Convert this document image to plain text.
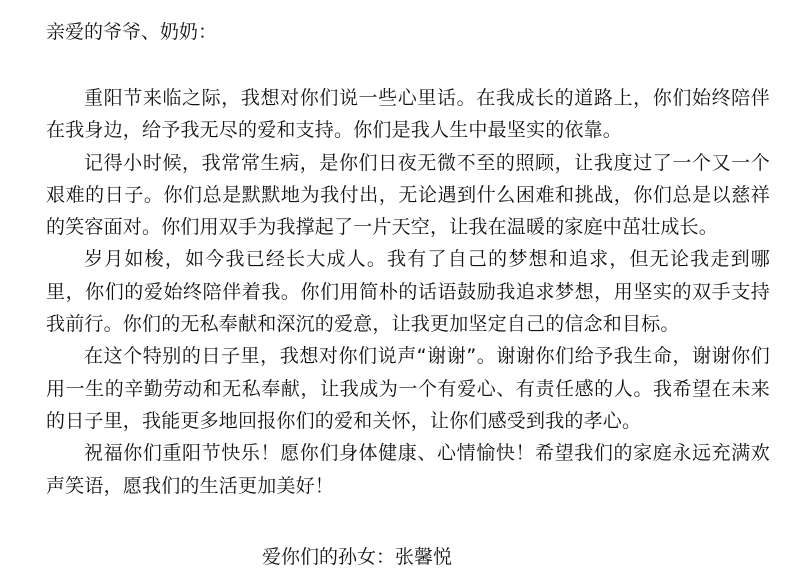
亲爱的爷爷、奶奶：

重阳节来临之际，我想对你们说一些心里话。在我成长的道路上，你们始终陪伴在我身边，给予我无尽的爱和支持。你们是我人生中最坚实的依靠。

记得小时候，我常常生病，是你们日夜无微不至的照顾，让我度过了一个又一个艰难的日子。你们总是默默地为我付出，无论遇到什么困难和挑战，你们总是以慈祥的笑容面对。你们用双手为我撑起了一片天空，让我在温暖的家庭中茁壮成长。

岁月如梭，如今我已经长大成人。我有了自己的梦想和追求，但无论我走到哪里，你们的爱始终陪伴着我。你们用简朴的话语鼓励我追求梦想，用坚实的双手支持我前行。你们的无私奉献和深沉的爱意，让我更加坚定自己的信念和目标。

在这个特别的日子里，我想对你们说声“谢谢”。谢谢你们给予我生命，谢谢你们用一生的辛勤劳动和无私奉献，让我成为一个有爱心、有责任感的人。我希望在未来的日子里，我能更多地回报你们的爱和关怀，让你们感受到我的孝心。

祝福你们重阳节快乐！愿你们身体健康、心情愉快！希望我们的家庭永远充满欢声笑语，愿我们的生活更加美好！

爱你们的孙女：张馨悦
